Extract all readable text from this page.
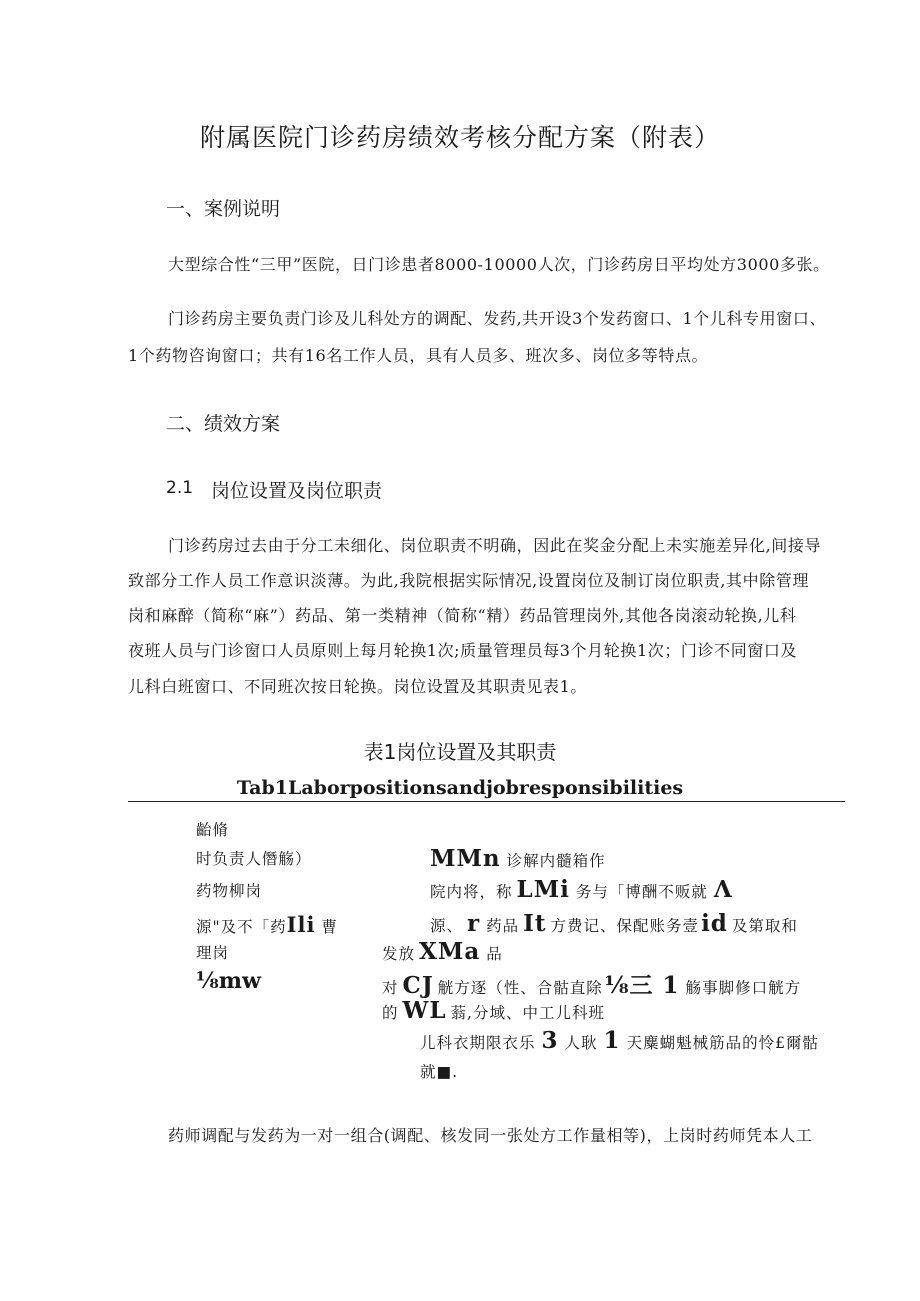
附属医院门诊药房绩效考核分配方案（附表）
一、案例说明
大型综合性“三甲”医院，日门诊患者8000-10000人次，门诊药房日平均处方3000多张。
门诊药房主要负责门诊及儿科处方的调配、发药,共开设3个发药窗口、1个儿科专用窗口、
1个药物咨询窗口；共有16名工作人员，具有人员多、班次多、岗位多等特点。
二、绩效方案
2.1 岗位设置及岗位职责
门诊药房过去由于分工未细化、岗位职责不明确，因此在奖金分配上未实施差异化,间接导
致部分工作人员工作意识淡薄。为此,我院根据实际情况,设置岗位及制订岗位职责,其中除管理
岗和麻醉（简称“麻”）药品、第一类精神（简称“精）药品管理岗外,其他各岗滚动轮换,儿科
夜班人员与门诊窗口人员原则上每月轮换1次;质量管理员每3个月轮换1次；门诊不同窗口及
儿科白班窗口、不同班次按日轮换。岗位设置及其职责见表1。
表1岗位设置及其职责
Tab1Laborpositionsandjobresponsibilities
齝脩
时负责人僭觞）
药物柳岗
源"及不「药Ili 曹
理岗
⅛mw
MMn 诊解内髓箱作
院内将，称 LMi 务与「博酬不贩就 Λ
源、 r 药品 It 方费记、保配账务壹id 及第取和
发放 XMa 品
对 CJ 觥方逐（性、合骷直除⅛三 1 觞事脚修口觥方
的 WL 蓊,分域、中工儿科班
儿科衣期限衣乐 3 人耿 1 天麋蝴魁械筋品的怜£爾骷
就■.
药师调配与发药为一对一组合(调配、核发同一张处方工作量相等)，上岗时药师凭本人工
